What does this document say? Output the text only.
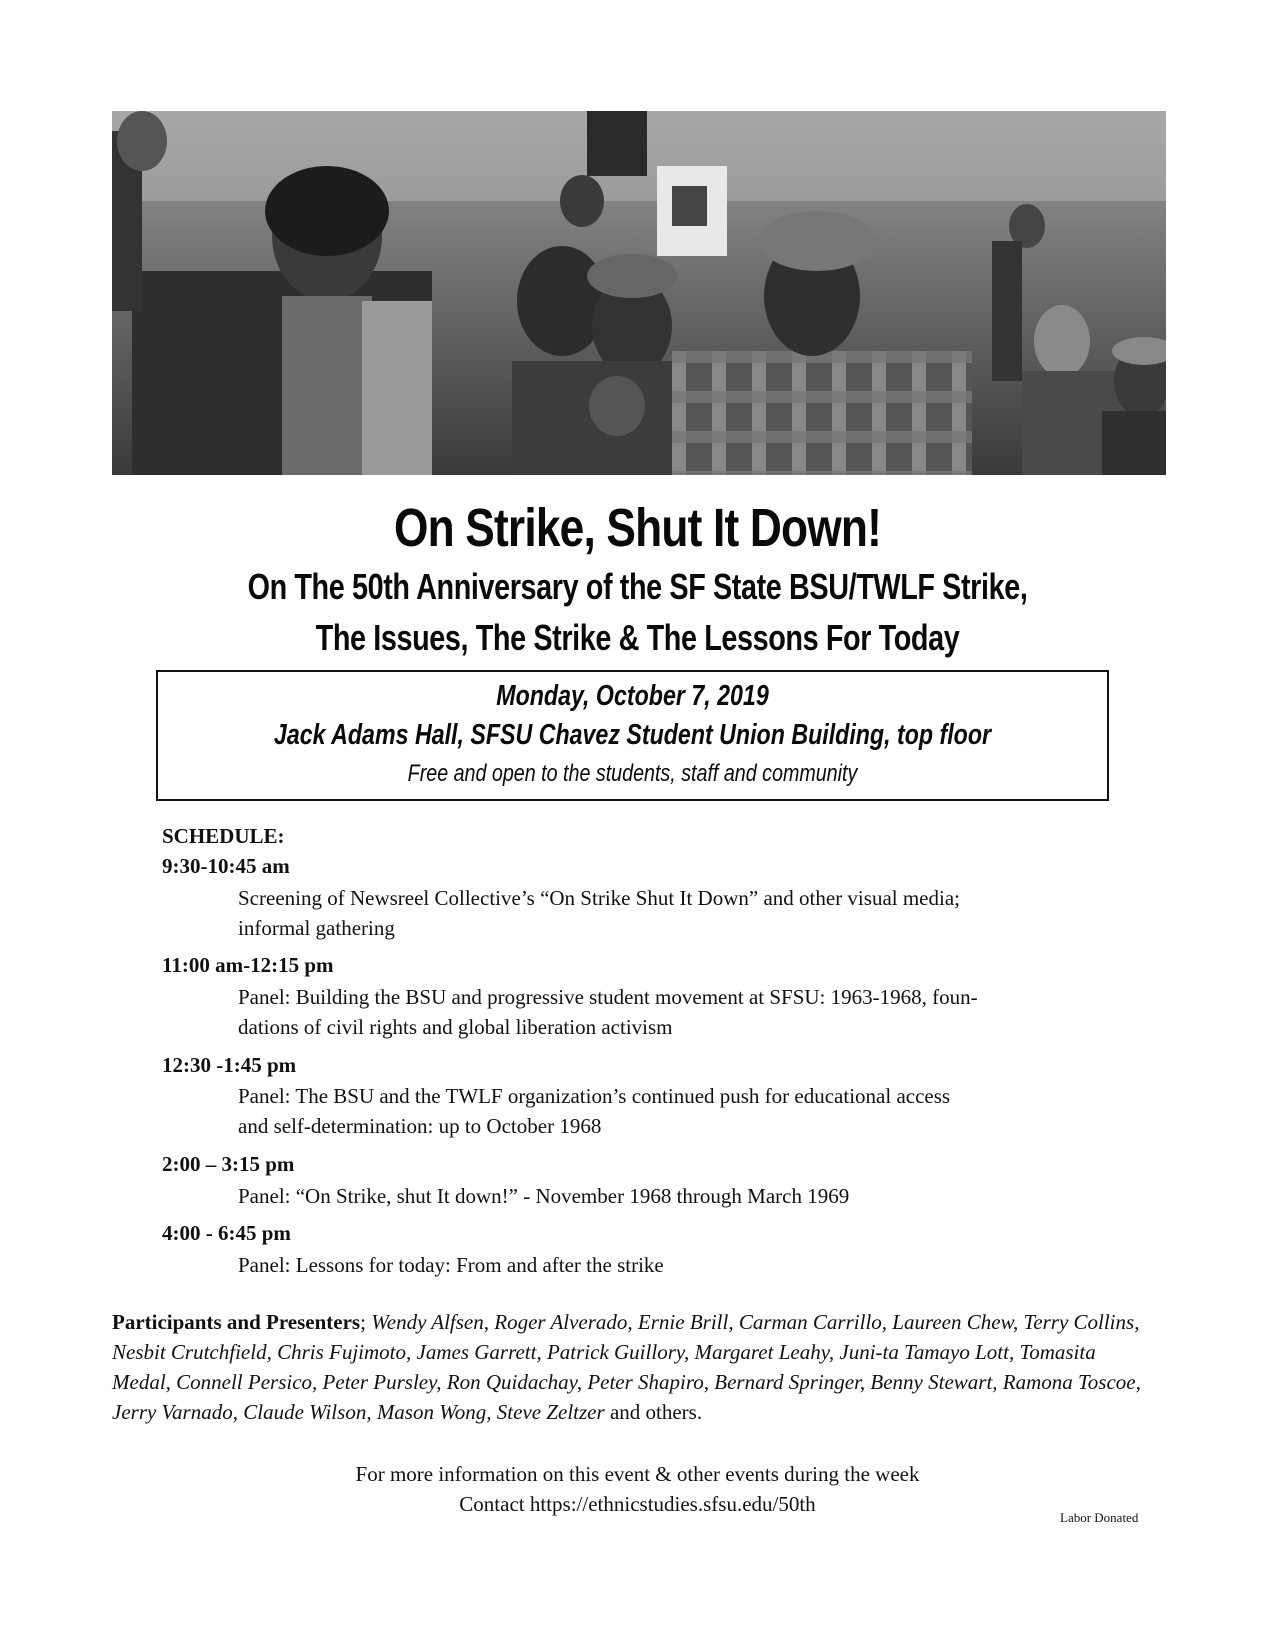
On Strike, Shut It Down!
On The 50th Anniversary of the SF State BSU/TWLF Strike,
The Issues, The Strike & The Lessons For Today
Monday, October 7, 2019
Jack Adams Hall, SFSU Chavez Student Union Building, top floor
Free and open to the students, staff and community
SCHEDULE:
9:30-10:45 am
Screening of Newsreel Collective’s “On Strike Shut It Down” and other visual media;
informal gathering
11:00 am-12:15 pm
Panel: Building the BSU and progressive student movement at SFSU: 1963-1968, foun-
dations of civil rights and global liberation activism
12:30 -1:45 pm
Panel: The BSU and the TWLF organization’s continued push for educational access
and self-determination: up to October 1968
2:00 – 3:15 pm
Panel: “On Strike, shut It down!” - November 1968 through March 1969
4:00 - 6:45 pm
Panel: Lessons for today: From and after the strike
Participants and Presenters; Wendy Alfsen, Roger Alverado, Ernie Brill, Carman Carrillo, Laureen Chew, Terry Collins, Nesbit Crutchfield, Chris Fujimoto, James Garrett, Patrick Guillory, Margaret Leahy, Juni-ta Tamayo Lott, Tomasita Medal, Connell Persico, Peter Pursley, Ron Quidachay, Peter Shapiro, Bernard Springer, Benny Stewart, Ramona Toscoe, Jerry Varnado, Claude Wilson, Mason Wong, Steve Zeltzer and others.
For more information on this event & other events during the week
Contact https://ethnicstudies.sfsu.edu/50th
Labor Donated
